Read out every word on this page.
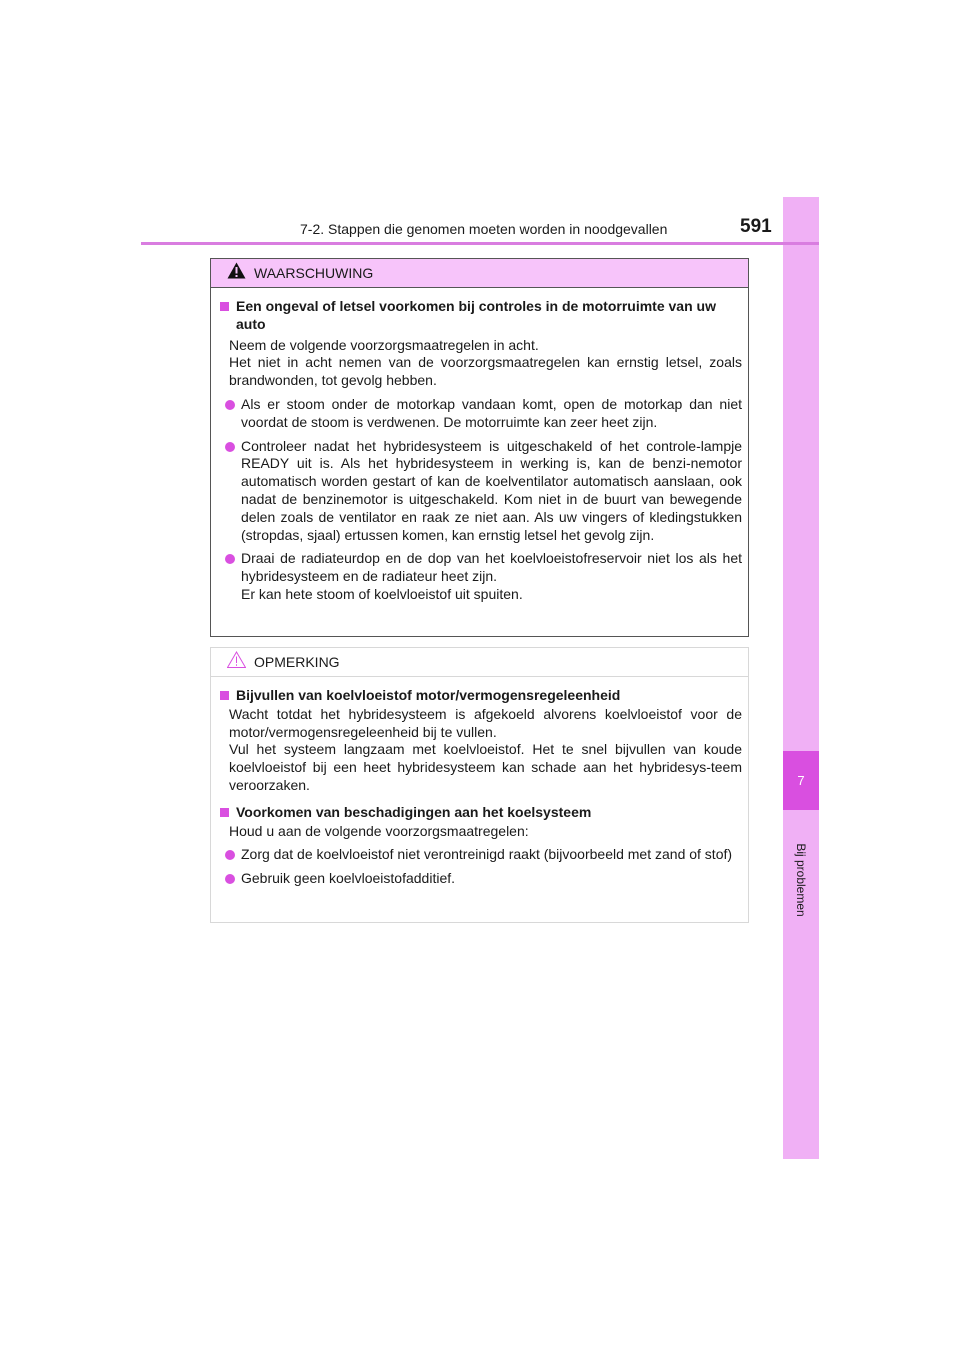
7
Bij problemen
7-2. Stappen die genomen moeten worden in noodgevallen	591
WAARSCHUWING
Een ongeval of letsel voorkomen bij controles in de motorruimte van uw auto

Neem de volgende voorzorgsmaatregelen in acht.

Het niet in acht nemen van de voorzorgsmaatregelen kan ernstig letsel, zoals brandwonden, tot gevolg hebben.

Als er stoom onder de motorkap vandaan komt, open de motorkap dan niet voordat de stoom is verdwenen. De motorruimte kan zeer heet zijn.

Controleer nadat het hybridesysteem is uitgeschakeld of het controle-lampje READY uit is. Als het hybridesysteem in werking is, kan de benzi-nemotor automatisch worden gestart of kan de koelventilator automatisch aanslaan, ook nadat de benzinemotor is uitgeschakeld. Kom niet in de buurt van bewegende delen zoals de ventilator en raak ze niet aan. Als uw vingers of kledingstukken (stropdas, sjaal) ertussen komen, kan ernstig letsel het gevolg zijn.

Draai de radiateurdop en de dop van het koelvloeistofreservoir niet los als het hybridesysteem en de radiateur heet zijn.

Er kan hete stoom of koelvloeistof uit spuiten.

OPMERKING
Bijvullen van koelvloeistof motor/vermogensregeleenheid

Wacht totdat het hybridesysteem is afgekoeld alvorens koelvloeistof voor de motor/vermogensregeleenheid bij te vullen.

Vul het systeem langzaam met koelvloeistof. Het te snel bijvullen van koude koelvloeistof bij een heet hybridesysteem kan schade aan het hybridesys-teem veroorzaken.

Voorkomen van beschadigingen aan het koelsysteem

Houd u aan de volgende voorzorgsmaatregelen:

Zorg dat de koelvloeistof niet verontreinigd raakt (bijvoorbeeld met zand of stof)

Gebruik geen koelvloeistofadditief.
